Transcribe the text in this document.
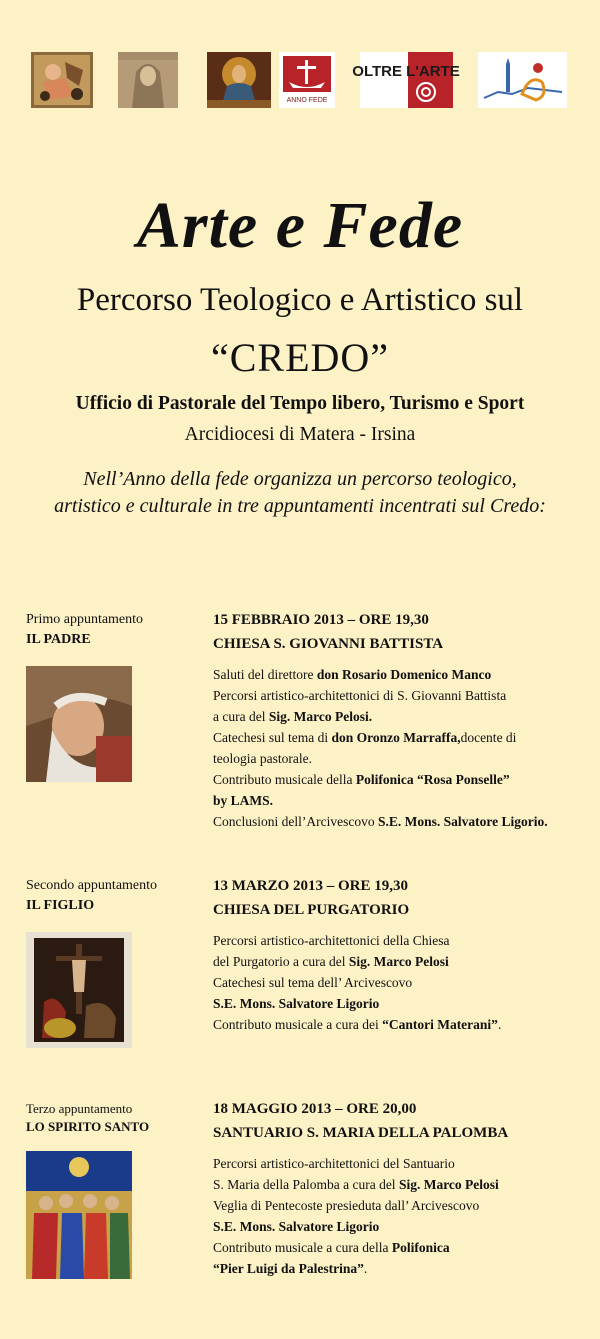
ANNO FEDE
OLTRE L'ARTE
Arte e Fede
Percorso Teologico e Artistico sul
“CREDO”
Ufficio di Pastorale del Tempo libero, Turismo e Sport
Arcidiocesi di Matera - Irsina
Nell’Anno della fede organizza un percorso teologico,
artistico e culturale in tre appuntamenti incentrati sul Credo:
Primo appuntamento
IL PADRE
15 FEBBRAIO 2013 – ORE 19,30
CHIESA S. GIOVANNI BATTISTA
Saluti del direttore don Rosario Domenico Manco
Percorsi artistico-architettonici di S. Giovanni Battista
a cura del Sig. Marco Pelosi.
Catechesi sul tema di don Oronzo Marraffa,docente di
teologia pastorale.
Contributo musicale della Polifonica “Rosa Ponselle”
by LAMS.
Conclusioni dell’Arcivescovo S.E. Mons. Salvatore Ligorio.
Secondo appuntamento
IL FIGLIO
13 MARZO 2013 – ORE 19,30
CHIESA DEL PURGATORIO
Percorsi artistico-architettonici della Chiesa
del Purgatorio a cura del Sig. Marco Pelosi
Catechesi sul tema dell’ Arcivescovo
S.E. Mons. Salvatore Ligorio
Contributo musicale a cura dei “Cantori Materani”.
Terzo appuntamento
LO SPIRITO SANTO
18 MAGGIO 2013 – ORE 20,00
SANTUARIO S. MARIA DELLA PALOMBA
Percorsi artistico-architettonici del Santuario
S. Maria della Palomba a cura del Sig. Marco Pelosi
Veglia di Pentecoste presieduta dall’ Arcivescovo
S.E. Mons. Salvatore Ligorio
Contributo musicale a cura della Polifonica
“Pier Luigi da Palestrina”.
